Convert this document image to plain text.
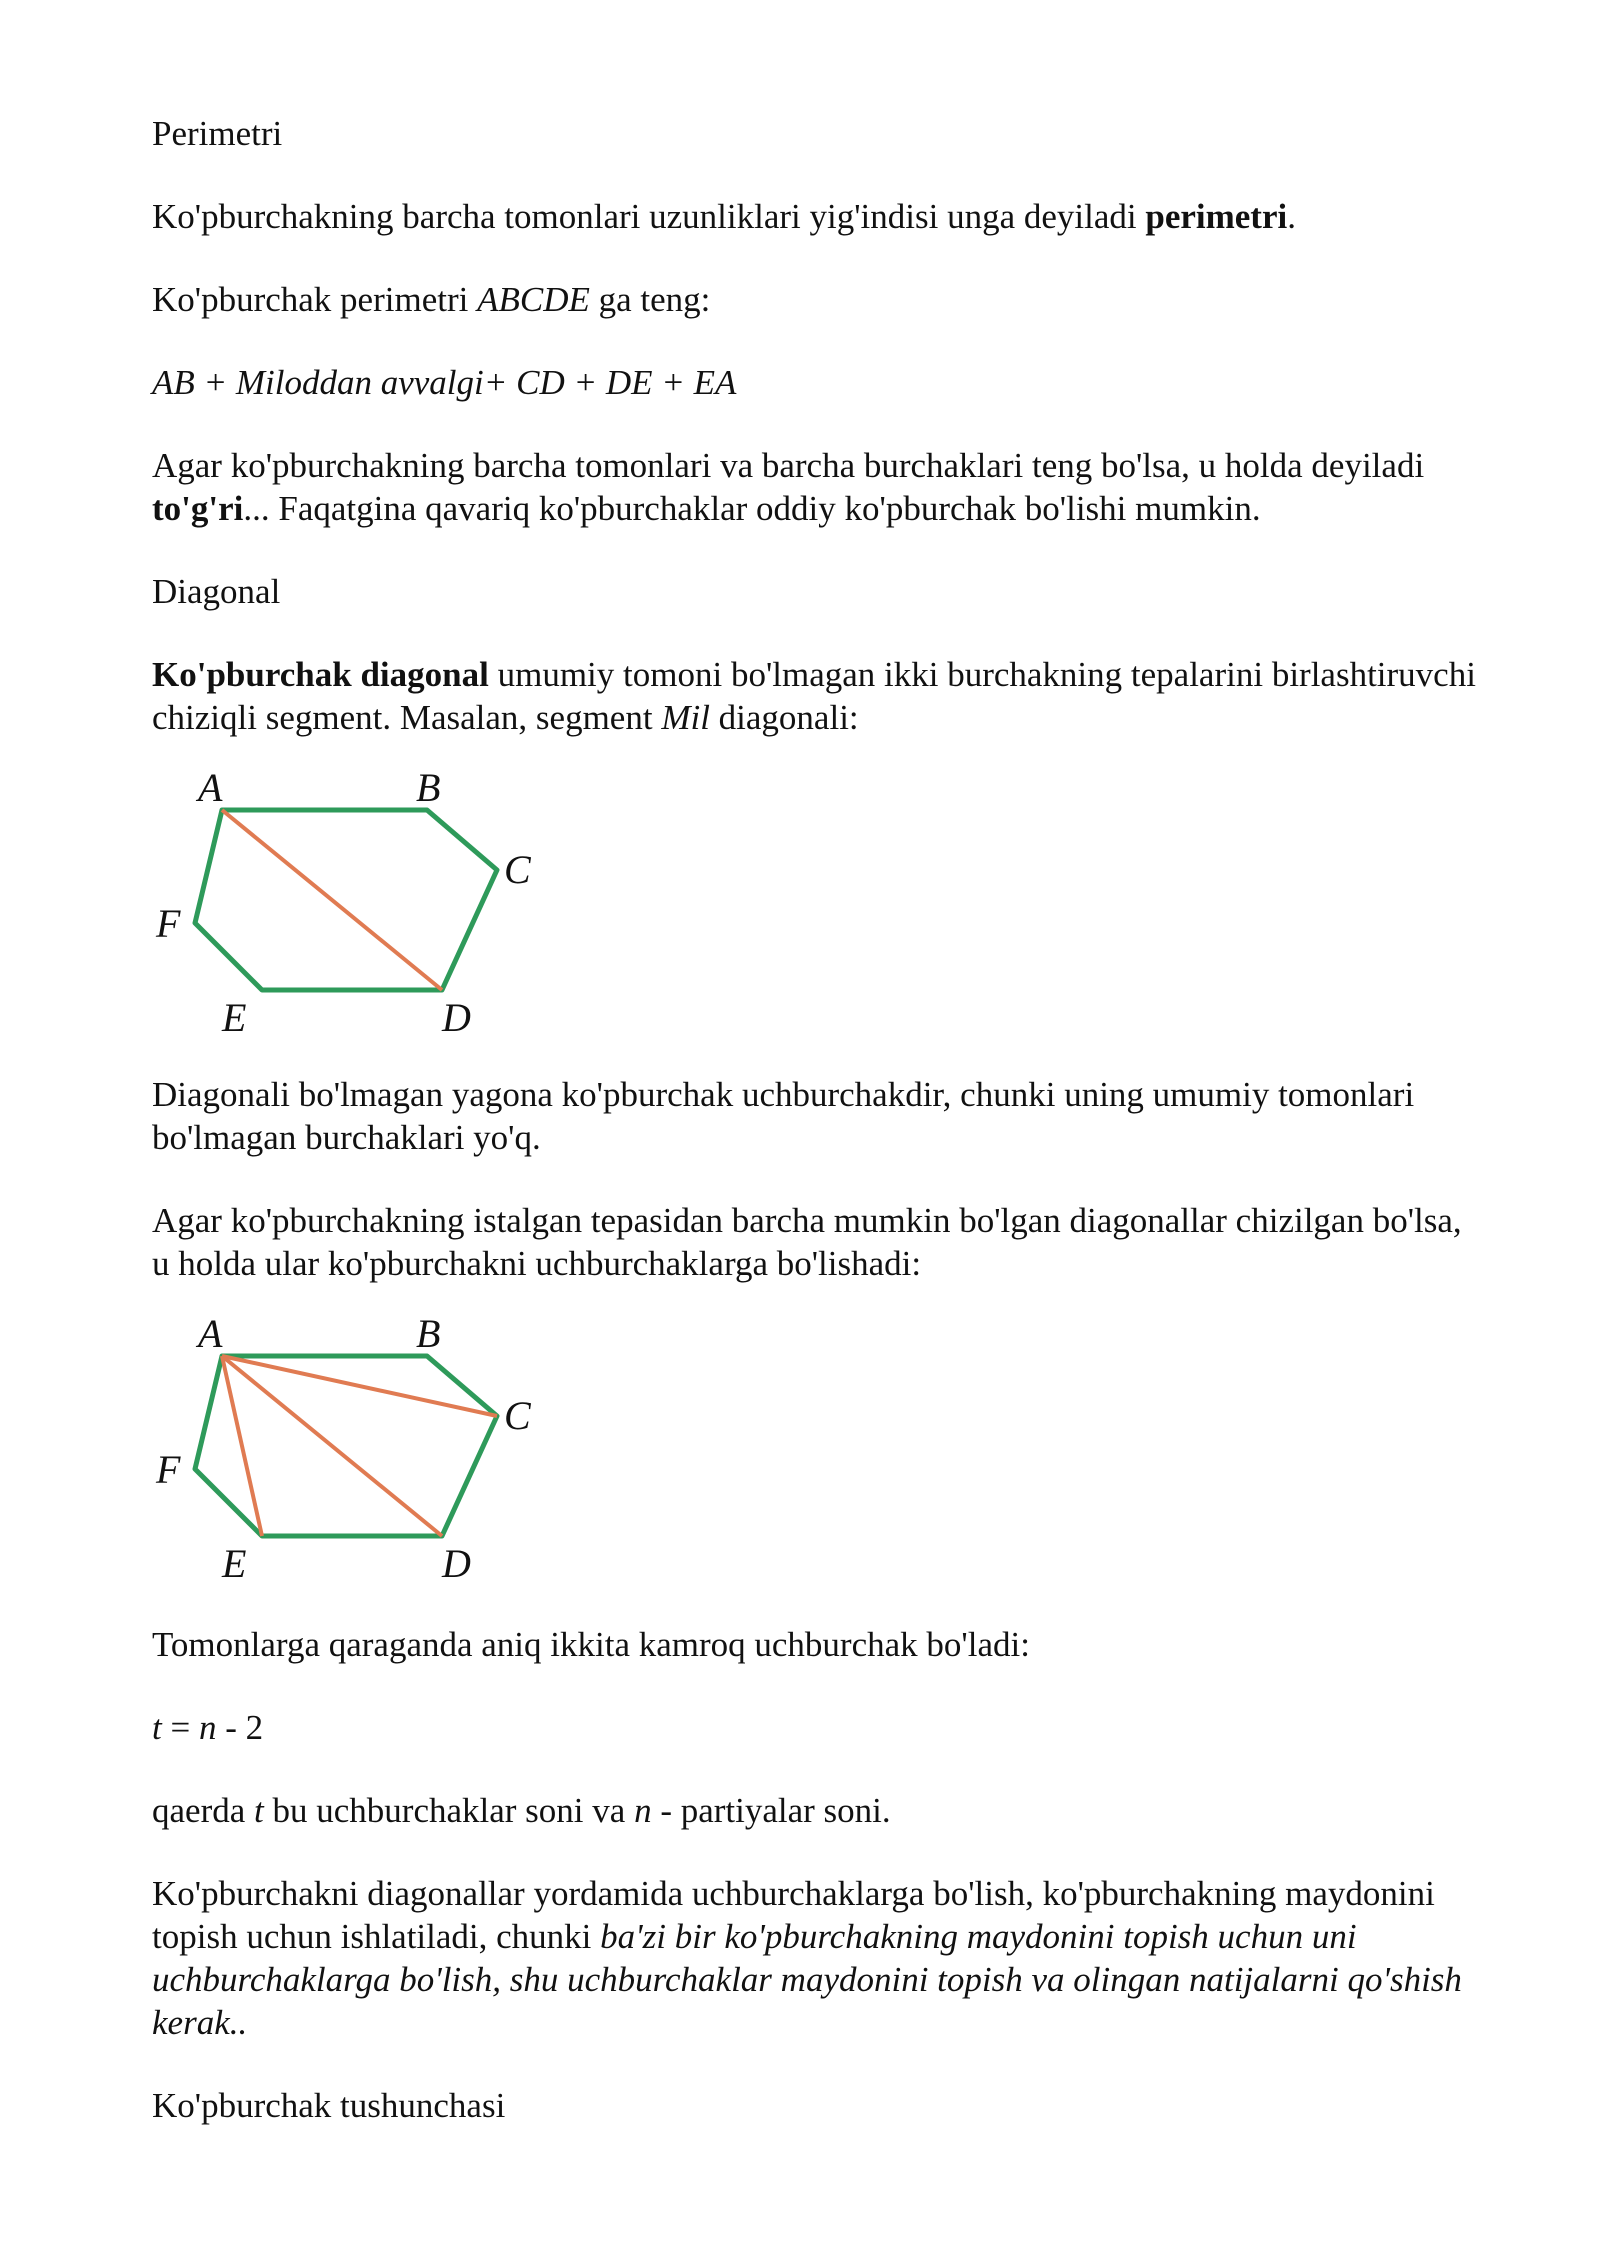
Perimetri

Ko'pburchakning barcha tomonlari uzunliklari yig'indisi unga deyiladi perimetri.

Ko'pburchak perimetri ABCDE ga teng:

AB + Miloddan avvalgi+ CD + DE + EA

Agar ko'pburchakning barcha tomonlari va barcha burchaklari teng bo'lsa, u holda deyiladi to'g'ri... Faqatgina qavariq ko'pburchaklar oddiy ko'pburchak bo'lishi mumkin.

Diagonal

Ko'pburchak diagonal umumiy tomoni bo'lmagan ikki burchakning tepalarini birlashtiruvchi chiziqli segment. Masalan, segment Mil diagonali:

A	B
C
D
E
F

Diagonali bo'lmagan yagona ko'pburchak uchburchakdir, chunki uning umumiy tomonlari bo'lmagan burchaklari yo'q.

Agar ko'pburchakning istalgan tepasidan barcha mumkin bo'lgan diagonallar chizilgan bo'lsa, u holda ular ko'pburchakni uchburchaklarga bo'lishadi:

A	B
C
D
E
F

Tomonlarga qaraganda aniq ikkita kamroq uchburchak bo'ladi:

t = n - 2

qaerda t bu uchburchaklar soni va n - partiyalar soni.

Ko'pburchakni diagonallar yordamida uchburchaklarga bo'lish, ko'pburchakning maydonini topish uchun ishlatiladi, chunki ba'zi bir ko'pburchakning maydonini topish uchun uni uchburchaklarga bo'lish, shu uchburchaklar maydonini topish va olingan natijalarni qo'shish kerak..

Ko'pburchak tushunchasi
